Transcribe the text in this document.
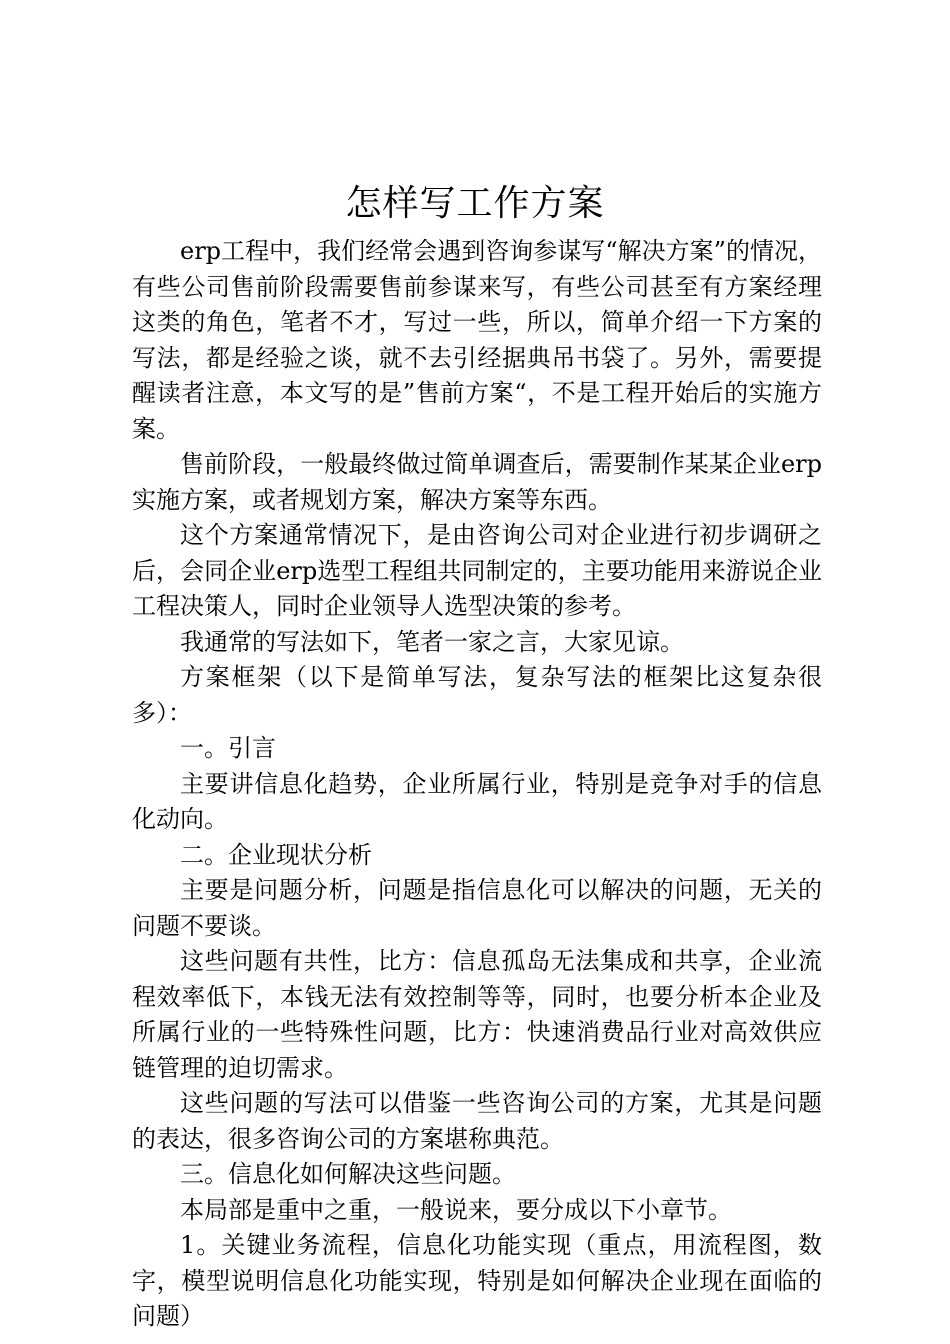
怎样写工作方案

erp工程中，我们经常会遇到咨询参谋写“解决方案”的情况，有些公司售前阶段需要售前参谋来写，有些公司甚至有方案经理这类的角色，笔者不才，写过一些，所以，简单介绍一下方案的写法，都是经验之谈，就不去引经据典吊书袋了。另外，需要提醒读者注意，本文写的是”售前方案“，不是工程开始后的实施方案。

售前阶段，一般最终做过简单调查后，需要制作某某企业erp实施方案，或者规划方案，解决方案等东西。

这个方案通常情况下，是由咨询公司对企业进行初步调研之后，会同企业erp选型工程组共同制定的，主要功能用来游说企业工程决策人，同时企业领导人选型决策的参考。

我通常的写法如下，笔者一家之言，大家见谅。

方案框架（以下是简单写法，复杂写法的框架比这复杂很多）：

一。引言

主要讲信息化趋势，企业所属行业，特别是竞争对手的信息化动向。

二。企业现状分析

主要是问题分析，问题是指信息化可以解决的问题，无关的问题不要谈。

这些问题有共性，比方：信息孤岛无法集成和共享，企业流程效率低下，本钱无法有效控制等等，同时，也要分析本企业及所属行业的一些特殊性问题，比方：快速消费品行业对高效供应链管理的迫切需求。

这些问题的写法可以借鉴一些咨询公司的方案，尤其是问题的表达，很多咨询公司的方案堪称典范。

三。信息化如何解决这些问题。

本局部是重中之重，一般说来，要分成以下小章节。

1。关键业务流程，信息化功能实现（重点，用流程图，数字，模型说明信息化功能实现，特别是如何解决企业现在面临的问题）
